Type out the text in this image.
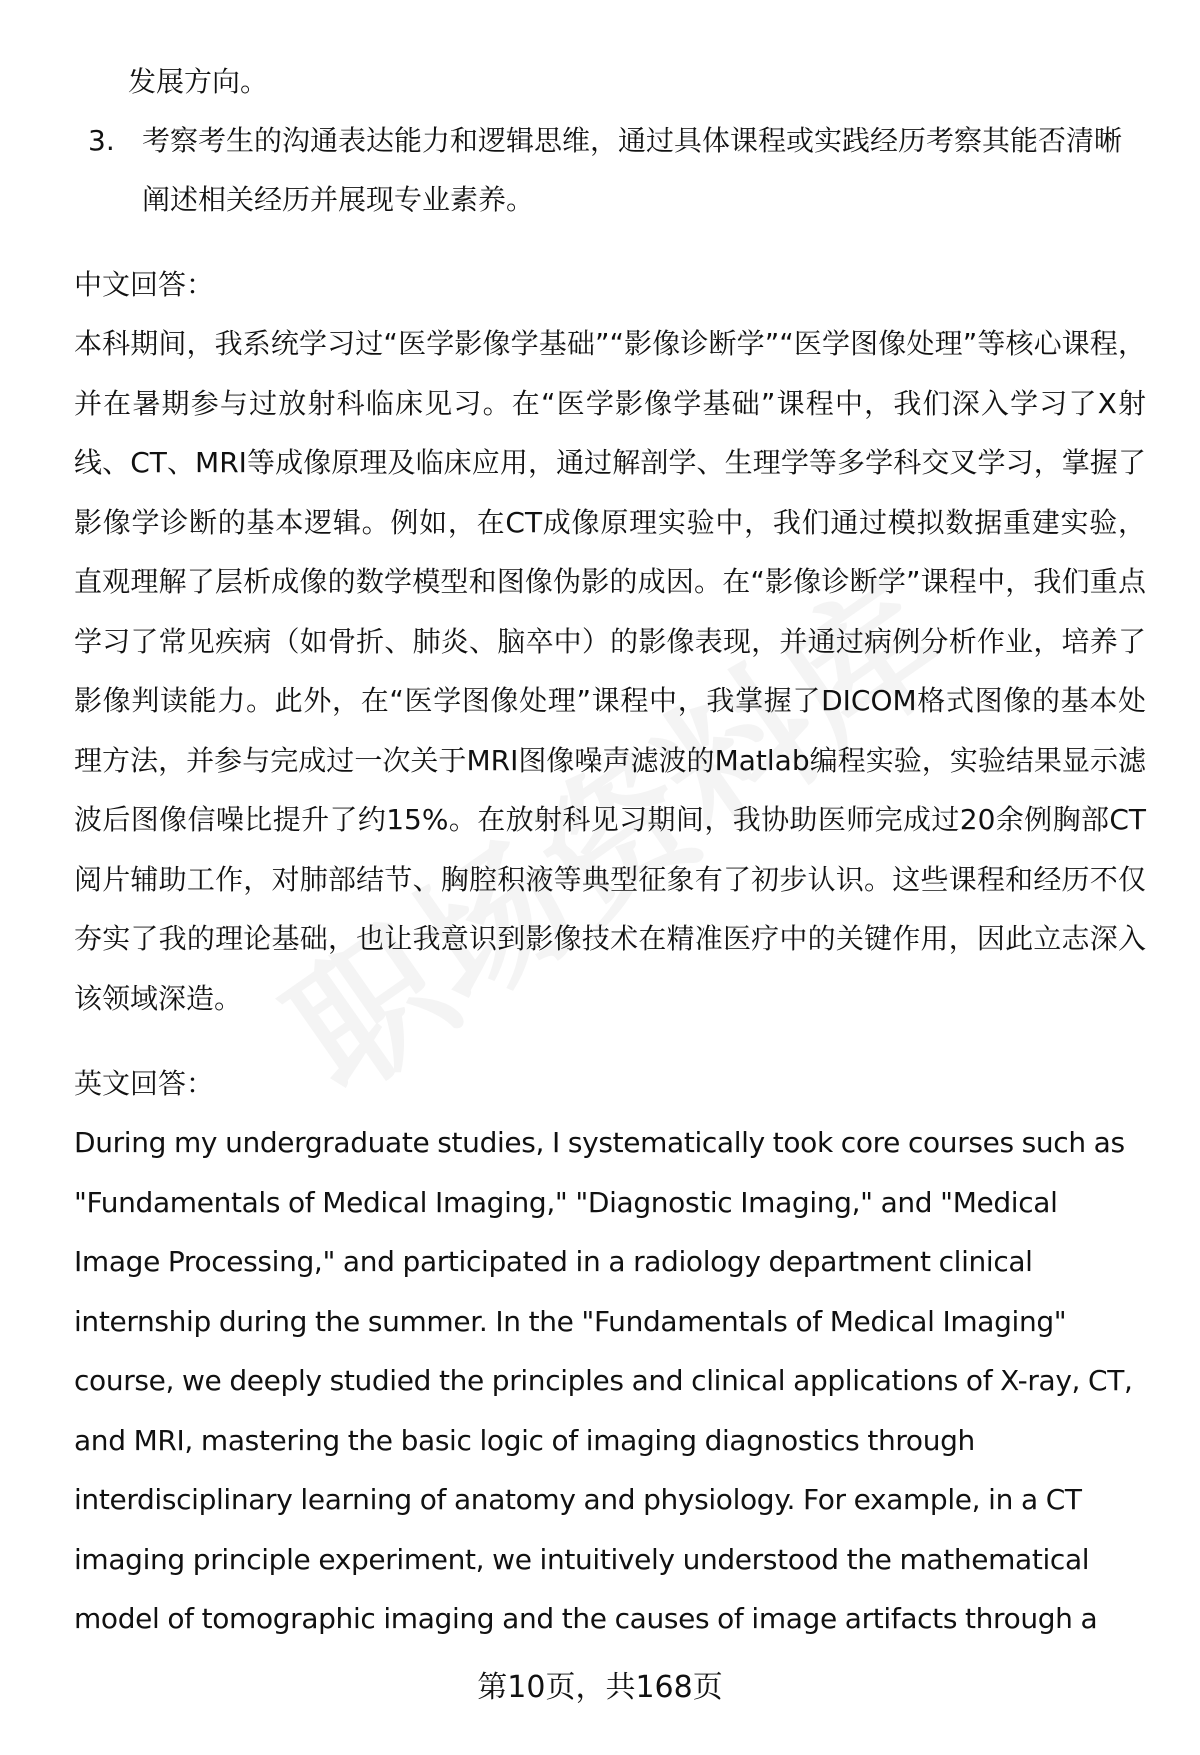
发展方向。
3. 考察考生的沟通表达能力和逻辑思维，通过具体课程或实践经历考察其能否清晰阐述相关经历并展现专业素养。
中文回答：
本科期间，我系统学习过“医学影像学基础”“影像诊断学”“医学图像处理”等核心课程，并在暑期参与过放射科临床见习。在“医学影像学基础”课程中，我们深入学习了X射线、CT、MRI等成像原理及临床应用，通过解剖学、生理学等多学科交叉学习，掌握了影像学诊断的基本逻辑。例如，在CT成像原理实验中，我们通过模拟数据重建实验，直观理解了层析成像的数学模型和图像伪影的成因。在“影像诊断学”课程中，我们重点学习了常见疾病（如骨折、肺炎、脑卒中）的影像表现，并通过病例分析作业，培养了影像判读能力。此外，在“医学图像处理”课程中，我掌握了DICOM格式图像的基本处理方法，并参与完成过一次关于MRI图像噪声滤波的Matlab编程实验，实验结果显示滤波后图像信噪比提升了约15%。在放射科见习期间，我协助医师完成过20余例胸部CT阅片辅助工作，对肺部结节、胸腔积液等典型征象有了初步认识。这些课程和经历不仅夯实了我的理论基础，也让我意识到影像技术在精准医疗中的关键作用，因此立志深入该领域深造。
英文回答：
During my undergraduate studies, I systematically took core courses such as "Fundamentals of Medical Imaging," "Diagnostic Imaging," and "Medical Image Processing," and participated in a radiology department clinical internship during the summer. In the "Fundamentals of Medical Imaging" course, we deeply studied the principles and clinical applications of X-ray, CT, and MRI, mastering the basic logic of imaging diagnostics through interdisciplinary learning of anatomy and physiology. For example, in a CT imaging principle experiment, we intuitively understood the mathematical model of tomographic imaging and the causes of image artifacts through a
第10页，共168页
